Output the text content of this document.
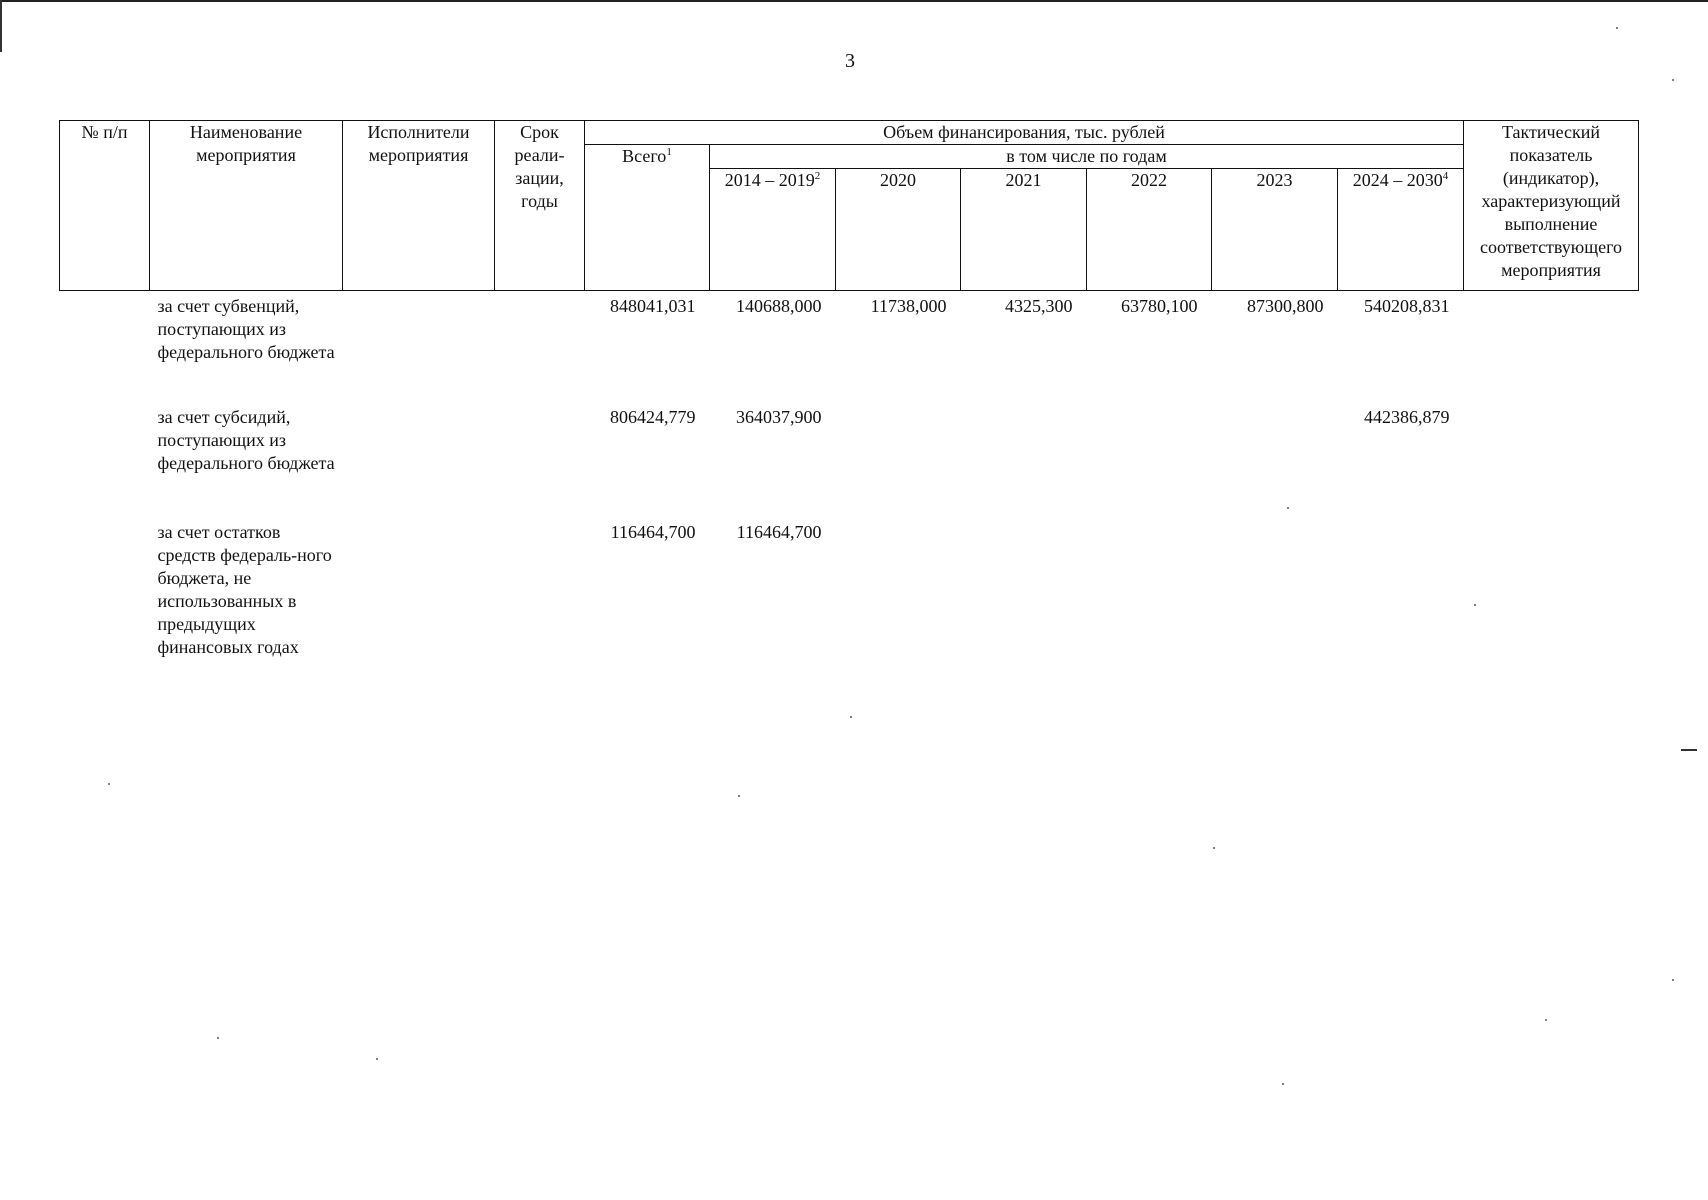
3
№ п/п	Наименование мероприятия	Исполнители мероприятия	Срок реали-зации, годы	Объем финансирования, тыс. рублей							Тактический показатель (индикатор), характеризующий выполнение соответствующего мероприятия
				Всего$^1$	в том числе по годам						
					2014 – 2019$^2$	2020	2021	2022	2023	2024 – 2030$^4$
	за счет субвенций, поступающих из федерального бюджета			848041,031	140688,000	11738,000	4325,300	63780,100	87300,800	540208,831	
	за счет субсидий, поступающих из федерального бюджета			806424,779	364037,900					442386,879	
	за счет остатков средств федераль-ного бюджета, не использованных в предыдущих финансовых годах			116464,700	116464,700						
